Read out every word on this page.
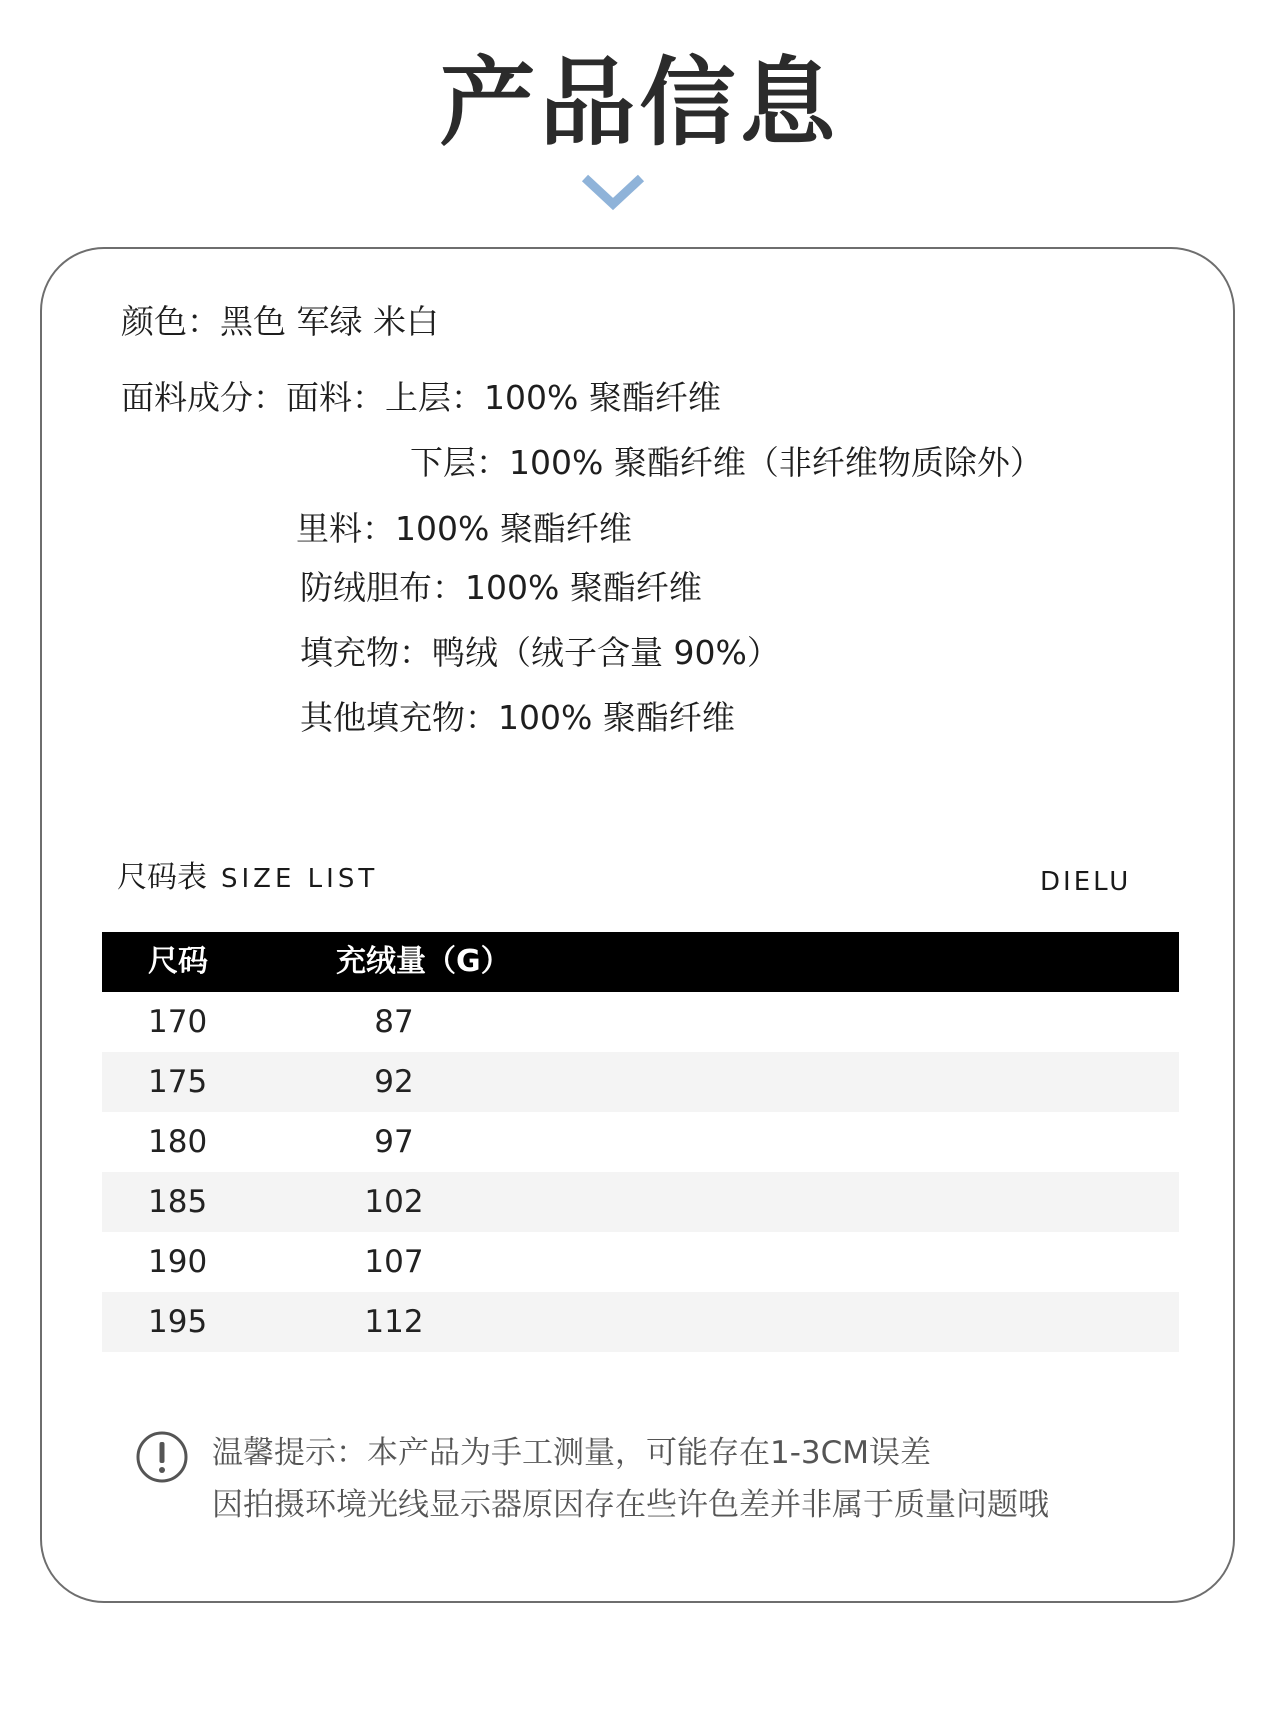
产品信息
颜色：黑色 军绿 米白
面料成分：面料：上层：100% 聚酯纤维
下层：100% 聚酯纤维（非纤维物质除外）
里料：100% 聚酯纤维
防绒胆布：100% 聚酯纤维
填充物：鸭绒（绒子含量 90%）
其他填充物：100% 聚酯纤维
尺码表 SIZE LIST	DIELU
尺码	充绒量（G）
170	87
175	92
180	97
185	102
190	107
195	112
温馨提示：本产品为手工测量，可能存在1-3CM误差
因拍摄环境光线显示器原因存在些许色差并非属于质量问题哦
